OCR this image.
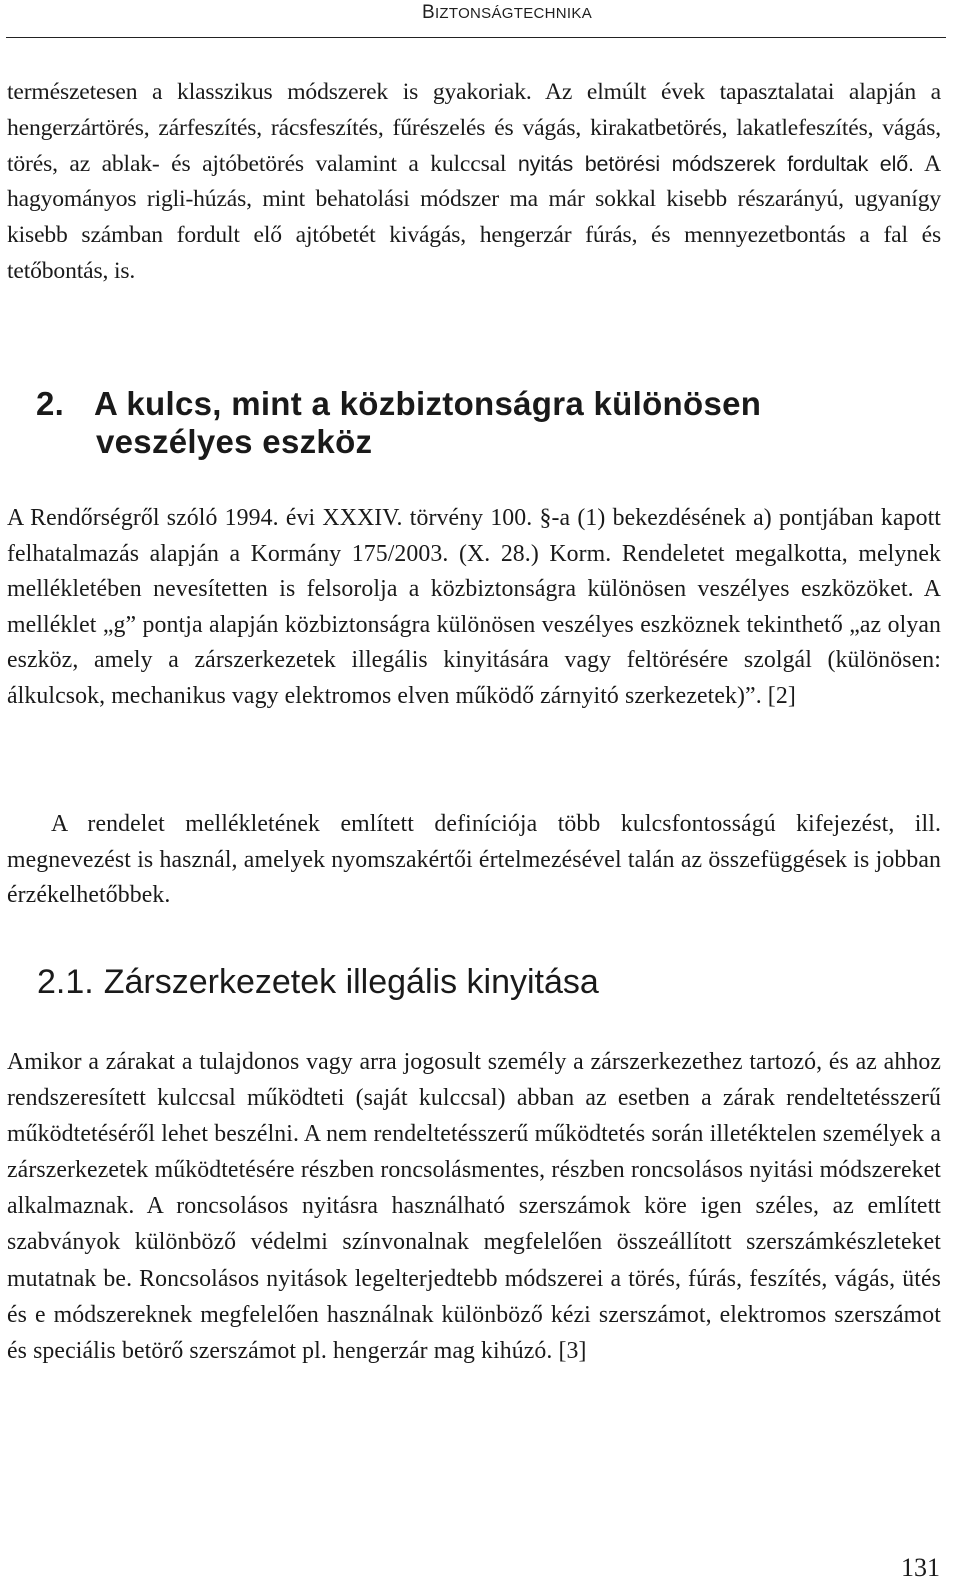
BIZTONSÁGTECHNIKA

természetesen a klasszikus módszerek is gyakoriak. Az elmúlt évek tapasztalatai alapján a hengerzártörés, zárfeszítés, rácsfeszítés, fűrészelés és vágás, kirakatbetörés, lakatlefeszítés, vágás, törés, az ablak- és ajtóbetörés valamint a kulccsal nyitás betörési módszerek fordultak elő. A hagyományos rigli-húzás, mint behatolási módszer ma már sokkal kisebb részarányú, ugyanígy kisebb számban fordult elő ajtóbetét kivágás, hengerzár fúrás, és mennyezetbontás a fal és tetőbontás, is.

2. A kulcs, mint a közbiztonságra különösen
veszélyes eszköz

A Rendőrségről szóló 1994. évi XXXIV. törvény 100. §-a (1) bekezdésének a) pontjában kapott felhatalmazás alapján a Kormány 175/2003. (X. 28.) Korm. Rendeletet megalkotta, melynek mellékletében nevesítetten is felsorolja a közbiztonságra különösen veszélyes eszközöket. A melléklet „g” pontja alapján közbiztonságra különösen veszélyes eszköznek tekinthető „az olyan eszköz, amely a zárszerkezetek illegális kinyitására vagy feltörésére szolgál (különösen: álkulcsok, mechanikus vagy elektromos elven működő zárnyitó szerkezetek)”. [2]

A rendelet mellékletének említett definíciója több kulcsfontosságú kifejezést, ill. megnevezést is használ, amelyek nyomszakértői értelmezésével talán az összefüggések is jobban érzékelhetőbbek.

2.1. Zárszerkezetek illegális kinyitása

Amikor a zárakat a tulajdonos vagy arra jogosult személy a zárszerkezethez tartozó, és az ahhoz rendszeresített kulccsal működteti (saját kulccsal) abban az esetben a zárak rendeltetésszerű működtetéséről lehet beszélni. A nem rendeltetésszerű működtetés során illetéktelen személyek a zárszerkezetek működtetésére részben roncsolásmentes, részben roncsolásos nyitási módszereket alkalmaznak. A roncsolásos nyitásra használható szerszámok köre igen széles, az említett szabványok különböző védelmi színvonalnak megfelelően összeállított szerszámkészleteket mutatnak be. Roncsolásos nyitások legelterjedtebb módszerei a törés, fúrás, feszítés, vágás, ütés és e módszereknek megfelelően használnak különböző kézi szerszámot, elektromos szerszámot és speciális betörő szerszámot pl. hengerzár mag kihúzó. [3]

131
